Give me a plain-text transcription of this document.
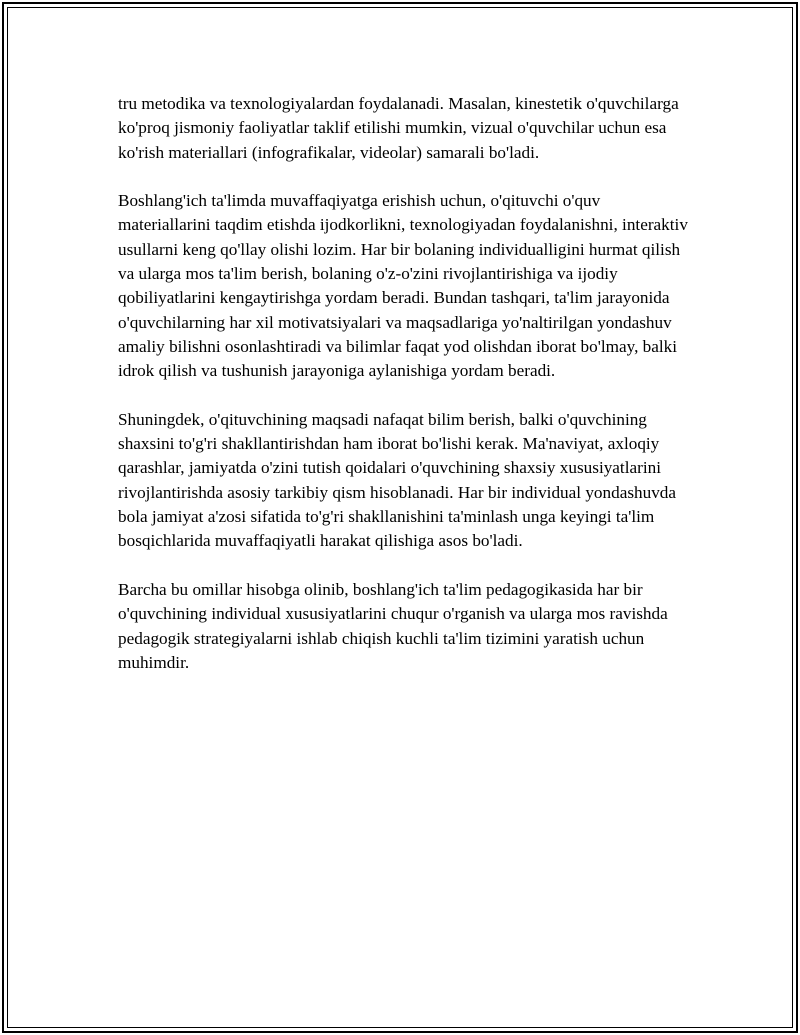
tru metodika va texnologiyalardan foydalanadi. Masalan, kinestetik o'quvchilarga ko'proq jismoniy faoliyatlar taklif etilishi mumkin, vizual o'quvchilar uchun esa ko'rish materiallari (infografikalar, videolar) samarali bo'ladi.

Boshlang'ich ta'limda muvaffaqiyatga erishish uchun, o'qituvchi o'quv materiallarini taqdim etishda ijodkorlikni, texnologiyadan foydalanishni, interaktiv usullarni keng qo'llay olishi lozim. Har bir bolaning individualligini hurmat qilish va ularga mos ta'lim berish, bolaning o'z-o'zini rivojlantirishiga va ijodiy qobiliyatlarini kengaytirishga yordam beradi. Bundan tashqari, ta'lim jarayonida o'quvchilarning har xil motivatsiyalari va maqsadlariga yo'naltirilgan yondashuv amaliy bilishni osonlashtiradi va bilimlar faqat yod olishdan iborat bo'lmay, balki idrok qilish va tushunish jarayoniga aylanishiga yordam beradi.

Shuningdek, o'qituvchining maqsadi nafaqat bilim berish, balki o'quvchining shaxsini to'g'ri shakllantirishdan ham iborat bo'lishi kerak. Ma'naviyat, axloqiy qarashlar, jamiyatda o'zini tutish qoidalari o'quvchining shaxsiy xususiyatlarini rivojlantirishda asosiy tarkibiy qism hisoblanadi. Har bir individual yondashuvda bola jamiyat a'zosi sifatida to'g'ri shakllanishini ta'minlash unga keyingi ta'lim bosqichlarida muvaffaqiyatli harakat qilishiga asos bo'ladi.

Barcha bu omillar hisobga olinib, boshlang'ich ta'lim pedagogikasida har bir o'quvchining individual xususiyatlarini chuqur o'rganish va ularga mos ravishda pedagogik strategiyalarni ishlab chiqish kuchli ta'lim tizimini yaratish uchun muhimdir.
